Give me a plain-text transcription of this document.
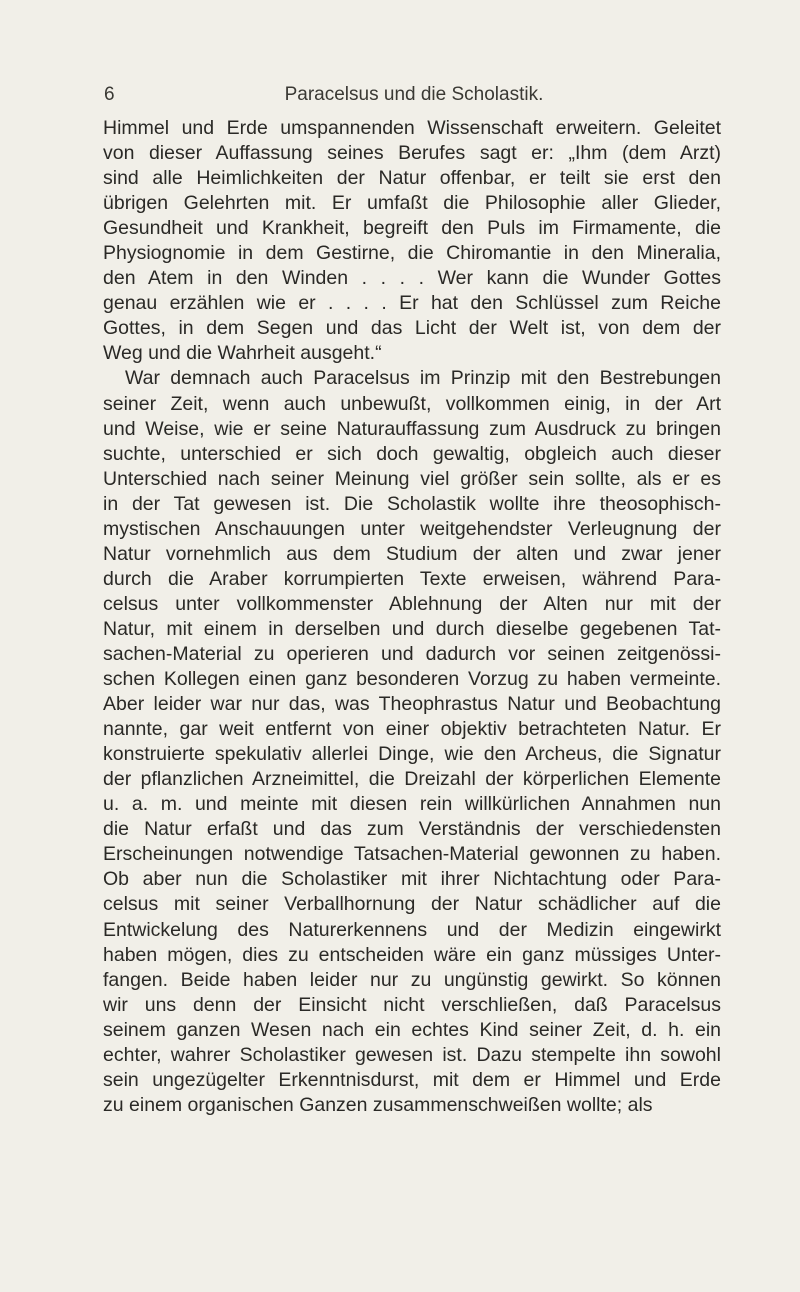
6	Paracelsus und die Scholastik.
Himmel und Erde umspannenden Wissenschaft erweitern. Geleitet
von dieser Auffassung seines Berufes sagt er: „Ihm (dem Arzt)
sind alle Heimlichkeiten der Natur offenbar, er teilt sie erst den
übrigen Gelehrten mit. Er umfaßt die Philosophie aller Glieder,
Gesundheit und Krankheit, begreift den Puls im Firmamente, die
Physiognomie in dem Gestirne, die Chiromantie in den Mineralia,
den Atem in den Winden . . . . Wer kann die Wunder Gottes
genau erzählen wie er . . . . Er hat den Schlüssel zum Reiche
Gottes, in dem Segen und das Licht der Welt ist, von dem der
Weg und die Wahrheit ausgeht.“
War demnach auch Paracelsus im Prinzip mit den Bestrebungen
seiner Zeit, wenn auch unbewußt, vollkommen einig, in der Art
und Weise, wie er seine Naturauffassung zum Ausdruck zu bringen
suchte, unterschied er sich doch gewaltig, obgleich auch dieser
Unterschied nach seiner Meinung viel größer sein sollte, als er es
in der Tat gewesen ist. Die Scholastik wollte ihre theosophisch-
mystischen Anschauungen unter weitgehendster Verleugnung der
Natur vornehmlich aus dem Studium der alten und zwar jener
durch die Araber korrumpierten Texte erweisen, während Para-
celsus unter vollkommenster Ablehnung der Alten nur mit der
Natur, mit einem in derselben und durch dieselbe gegebenen Tat-
sachen-Material zu operieren und dadurch vor seinen zeitgenössi-
schen Kollegen einen ganz besonderen Vorzug zu haben vermeinte.
Aber leider war nur das, was Theophrastus Natur und Beobachtung
nannte, gar weit entfernt von einer objektiv betrachteten Natur. Er
konstruierte spekulativ allerlei Dinge, wie den Archeus, die Signatur
der pflanzlichen Arzneimittel, die Dreizahl der körperlichen Elemente
u. a. m. und meinte mit diesen rein willkürlichen Annahmen nun
die Natur erfaßt und das zum Verständnis der verschiedensten
Erscheinungen notwendige Tatsachen-Material gewonnen zu haben.
Ob aber nun die Scholastiker mit ihrer Nichtachtung oder Para-
celsus mit seiner Verballhornung der Natur schädlicher auf die
Entwickelung des Naturerkennens und der Medizin eingewirkt
haben mögen, dies zu entscheiden wäre ein ganz müssiges Unter-
fangen. Beide haben leider nur zu ungünstig gewirkt. So können
wir uns denn der Einsicht nicht verschließen, daß Paracelsus
seinem ganzen Wesen nach ein echtes Kind seiner Zeit, d. h. ein
echter, wahrer Scholastiker gewesen ist. Dazu stempelte ihn sowohl
sein ungezügelter Erkenntnisdurst, mit dem er Himmel und Erde
zu einem organischen Ganzen zusammenschweißen wollte; als
